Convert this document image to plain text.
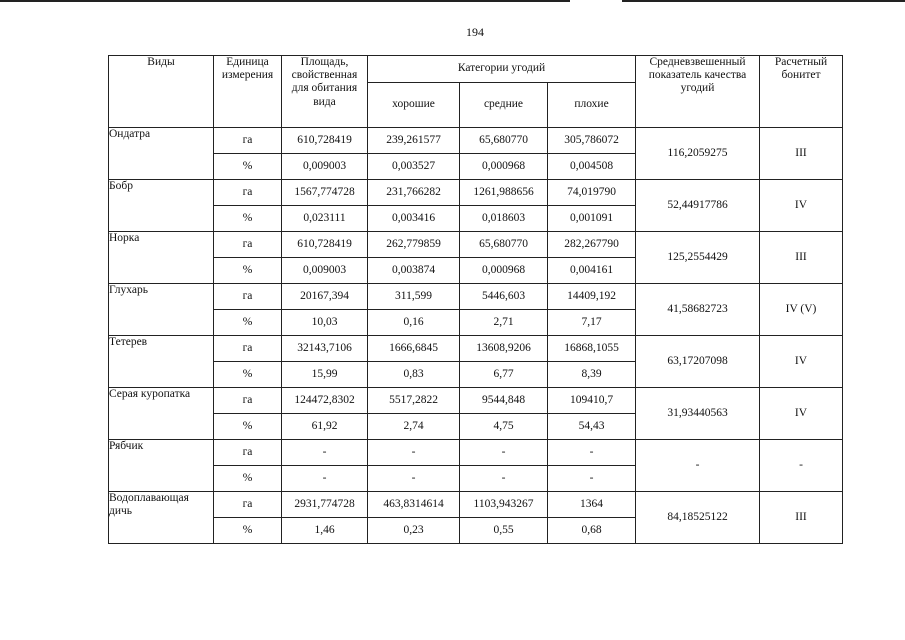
194
Виды	Единица измерения	Площадь, свойственная для обитания вида	Категории угодий			Средневзвешенный показатель качества угодий	Расчетный бонитет
			хорошие	средние	плохие		
Ондатра	га	610,728419	239,261577	65,680770	305,786072	116,2059275	III
	%	0,009003	0,003527	0,000968	0,004508		
Бобр	га	1567,774728	231,766282	1261,988656	74,019790	52,44917786	IV
	%	0,023111	0,003416	0,018603	0,001091		
Норка	га	610,728419	262,779859	65,680770	282,267790	125,2554429	III
	%	0,009003	0,003874	0,000968	0,004161		
Глухарь	га	20167,394	311,599	5446,603	14409,192	41,58682723	IV (V)
	%	10,03	0,16	2,71	7,17		
Тетерев	га	32143,7106	1666,6845	13608,9206	16868,1055	63,17207098	IV
	%	15,99	0,83	6,77	8,39		
Серая куропатка	га	124472,8302	5517,2822	9544,848	109410,7	31,93440563	IV
	%	61,92	2,74	4,75	54,43		
Рябчик	га	-	-	-	-	-	-
	%	-	-	-	-		
Водоплавающая дичь	га	2931,774728	463,8314614	1103,943267	1364	84,18525122	III
	%	1,46	0,23	0,55	0,68		
